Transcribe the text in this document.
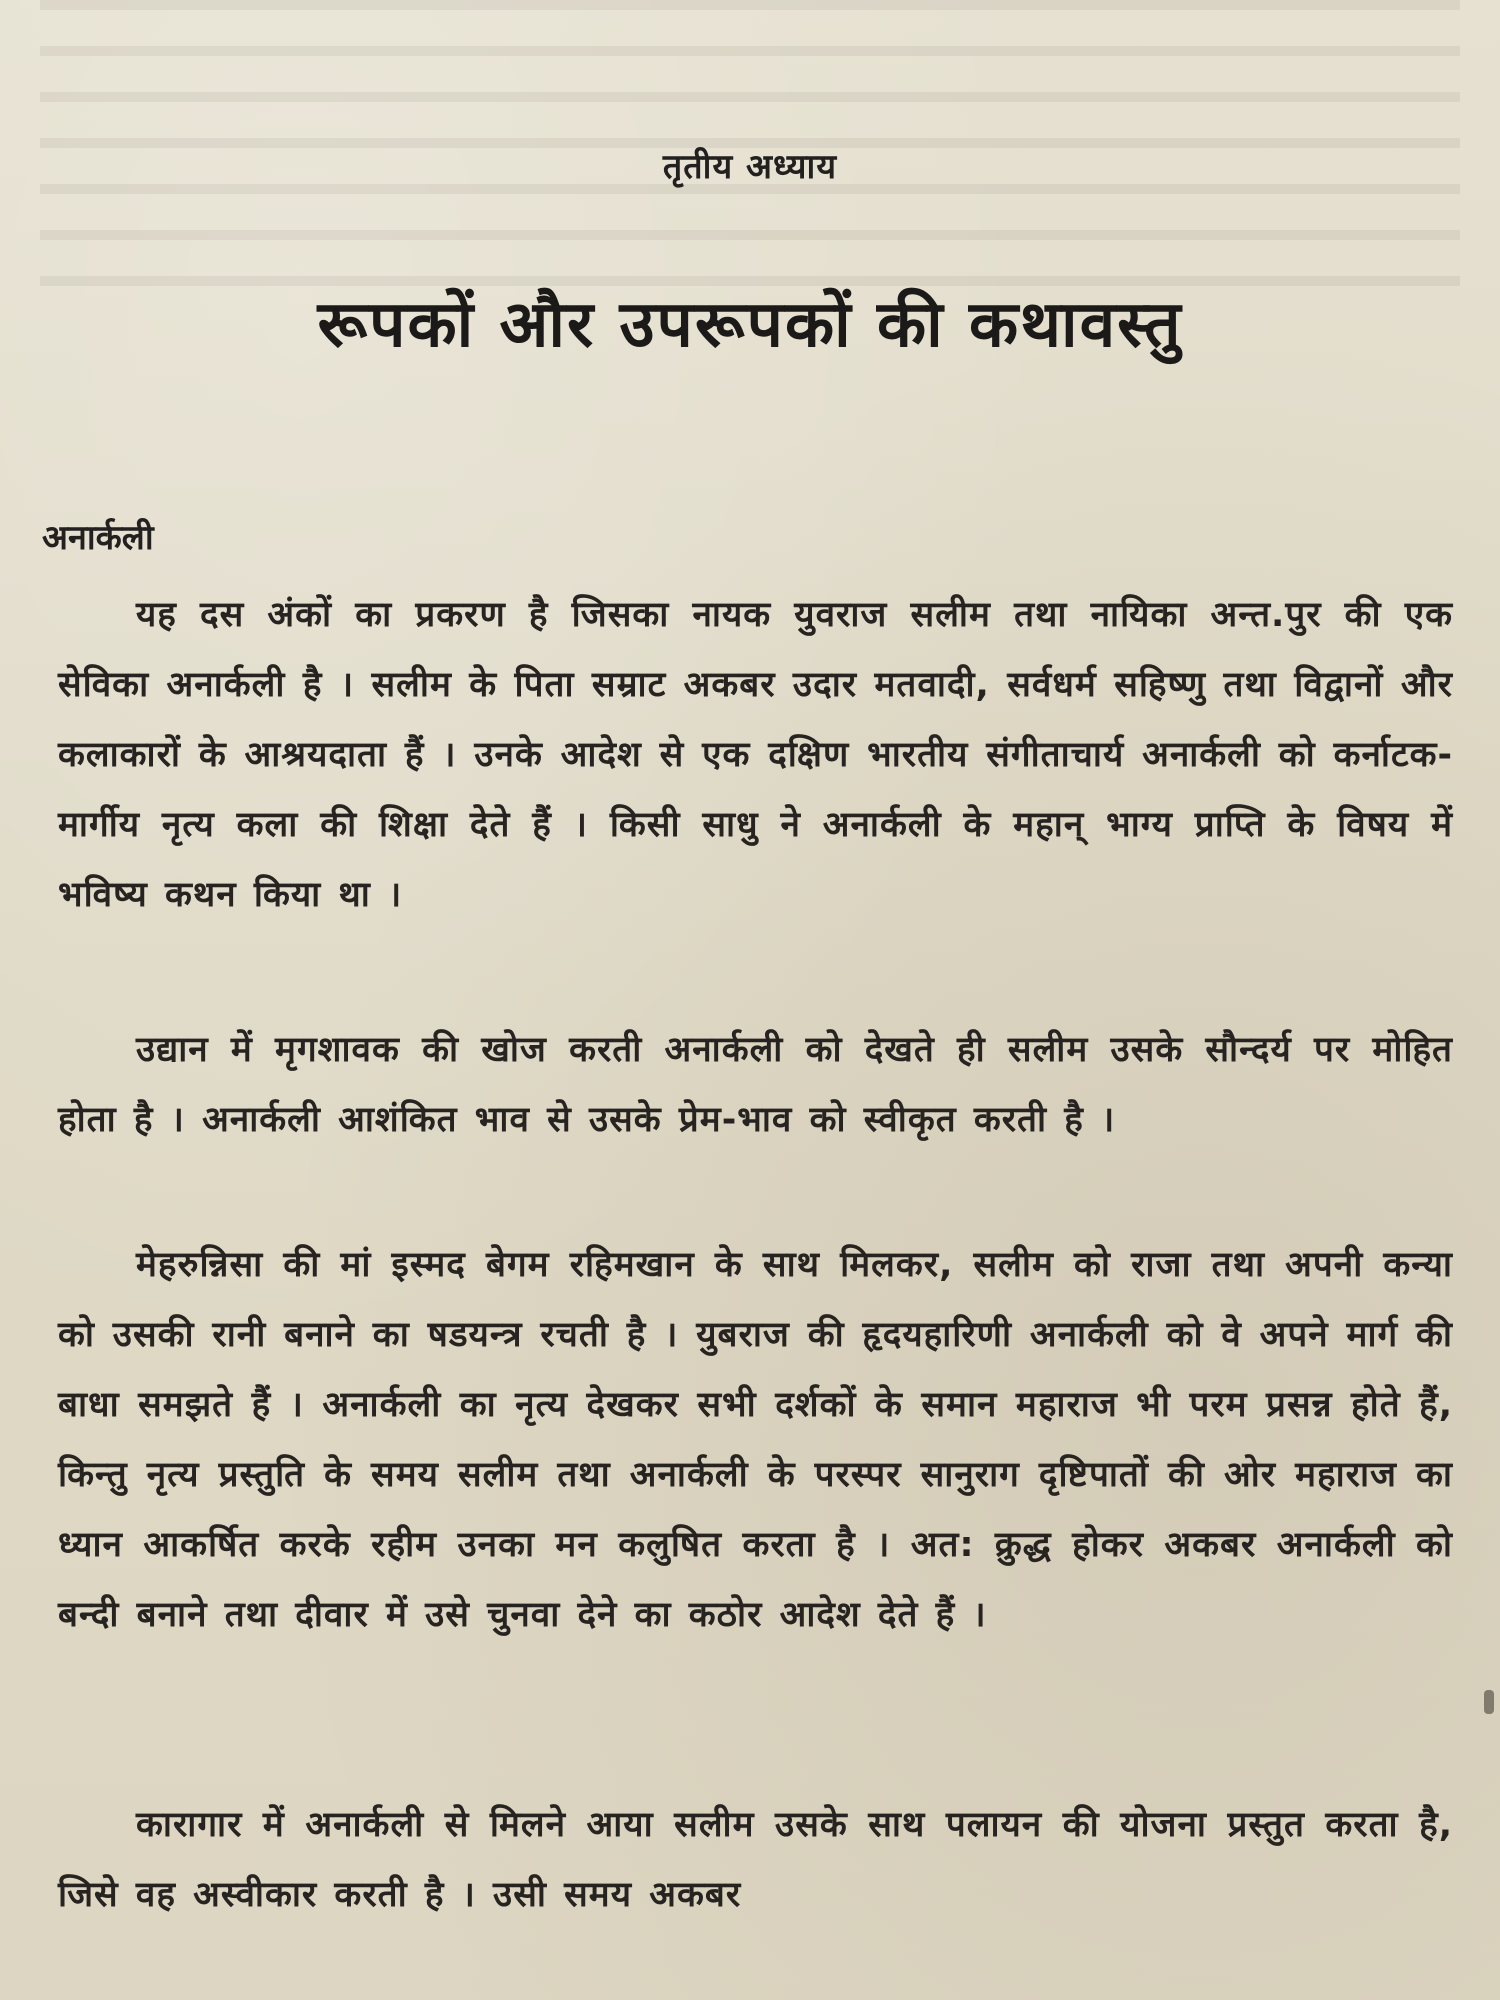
तृतीय अध्याय

रूपकों और उपरूपकों की कथावस्तु
अनार्कली

यह दस अंकों का प्रकरण है जिसका नायक युवराज सलीम तथा नायिका अन्त.पुर की एक सेविका अनार्कली है । सलीम के पिता सम्राट अकबर उदार मतवादी, सर्वधर्म सहिष्णु तथा विद्वानों और कलाकारों के आश्रयदाता हैं । उनके आदेश से एक दक्षिण भारतीय संगीताचार्य अनार्कली को कर्नाटक-मार्गीय नृत्य कला की शिक्षा देते हैं । किसी साधु ने अनार्कली के महान् भाग्य प्राप्ति के विषय में भविष्य कथन किया था ।

उद्यान में मृगशावक की खोज करती अनार्कली को देखते ही सलीम उसके सौन्दर्य पर मोहित होता है । अनार्कली आशंकित भाव से उसके प्रेम-भाव को स्वीकृत करती है ।

मेहरुन्निसा की मां इस्मद बेगम रहिमखान के साथ मिलकर, सलीम को राजा तथा अपनी कन्या को उसकी रानी बनाने का षडयन्त्र रचती है । युबराज की हृदयहारिणी अनार्कली को वे अपने मार्ग की बाधा समझते हैं । अनार्कली का नृत्य देखकर सभी दर्शकों के समान महाराज भी परम प्रसन्न होते हैं, किन्तु नृत्य प्रस्तुति के समय सलीम तथा अनार्कली के परस्पर सानुराग दृष्टिपातों की ओर महाराज का ध्यान आकर्षित करके रहीम उनका मन कलुषित करता है । अत: क्रुद्ध होकर अकबर अनार्कली को बन्दी बनाने तथा दीवार में उसे चुनवा देने का कठोर आदेश देते हैं ।

कारागार में अनार्कली से मिलने आया सलीम उसके साथ पलायन की योजना प्रस्तुत करता है, जिसे वह अस्वीकार करती है । उसी समय अकबर
